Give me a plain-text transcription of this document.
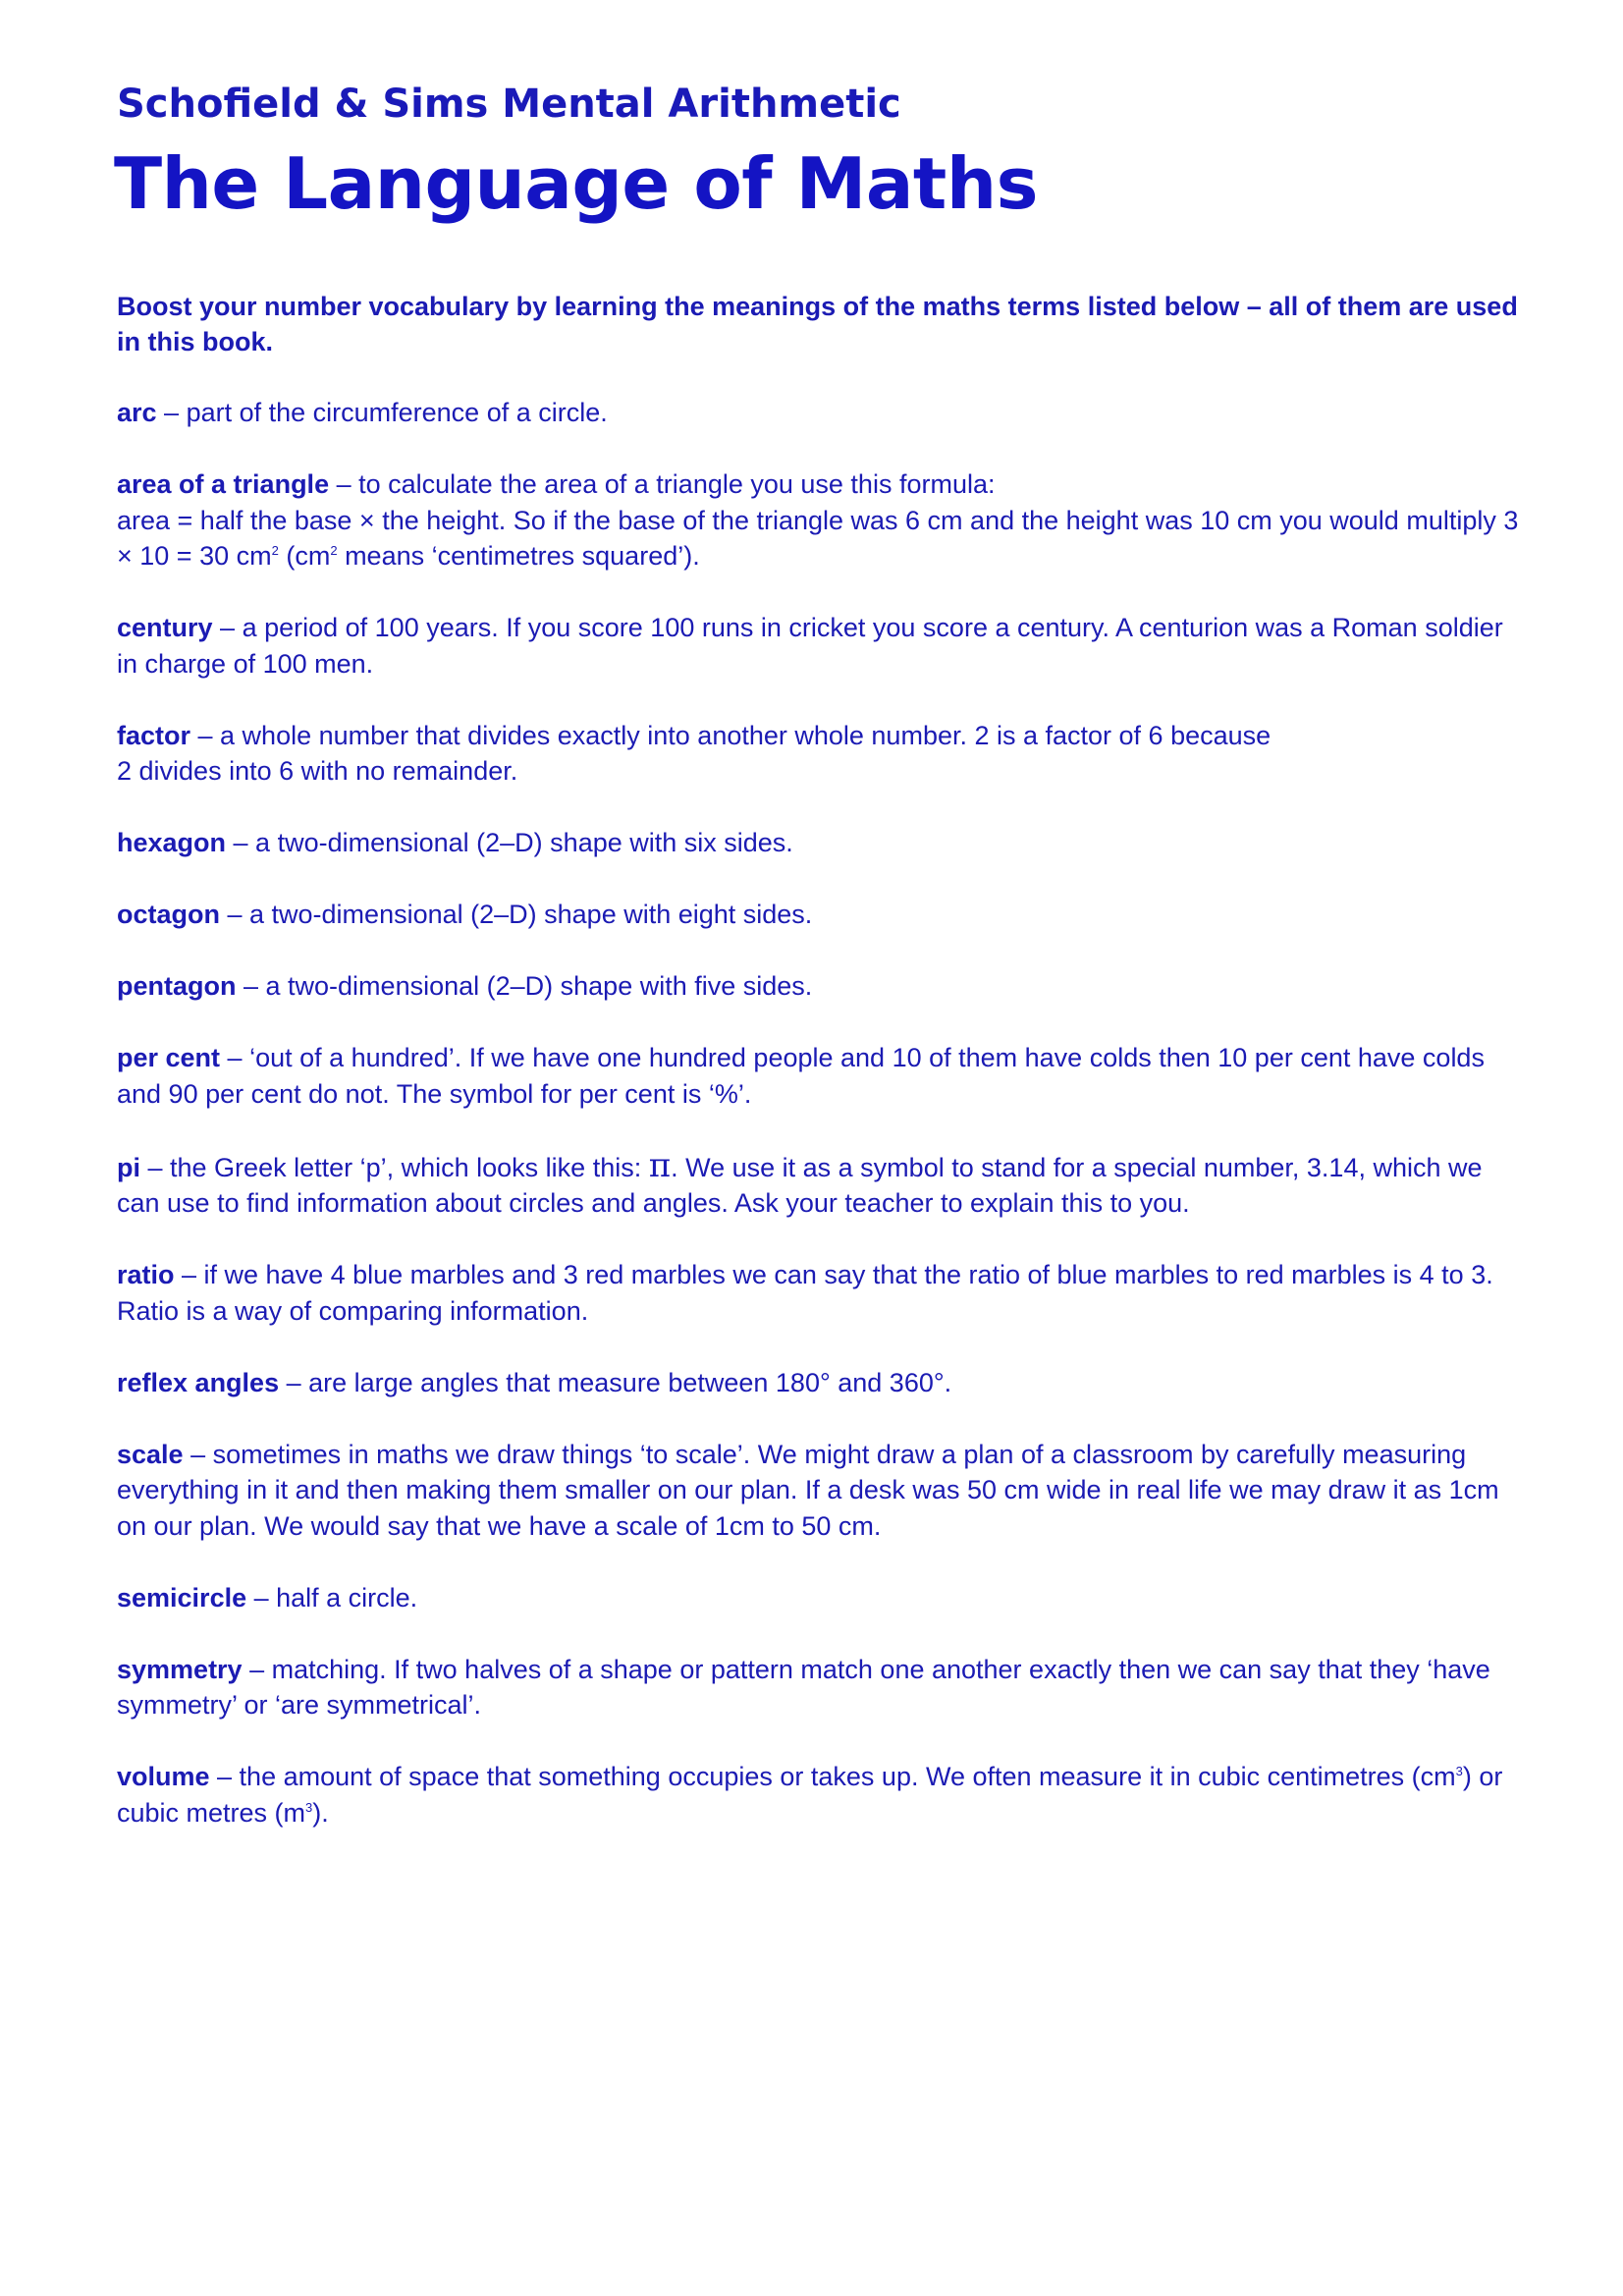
Schofield & Sims Mental Arithmetic
The Language of Maths

Boost your number vocabulary by learning the meanings of the maths terms listed below – all of them are used in this book.

arc – part of the circumference of a circle.

area of a triangle – to calculate the area of a triangle you use this formula:
area = half the base × the height. So if the base of the triangle was 6 cm and the height was 10 cm you would multiply 3 × 10 = 30 $cm^2$ ($cm^2$ means ‘centimetres squared’).

century – a period of 100 years. If you score 100 runs in cricket you score a century. A centurion was a Roman soldier in charge of 100 men.

factor – a whole number that divides exactly into another whole number. 2 is a factor of 6 because
2 divides into 6 with no remainder.

hexagon – a two-dimensional (2–D) shape with six sides.

octagon – a two-dimensional (2–D) shape with eight sides.

pentagon – a two-dimensional (2–D) shape with five sides.

per cent – ‘out of a hundred’. If we have one hundred people and 10 of them have colds then 10 per cent have colds and 90 per cent do not. The symbol for per cent is ‘%’.

pi – the Greek letter ‘p’, which looks like this: π. We use it as a symbol to stand for a special number, 3.14, which we can use to find information about circles and angles. Ask your teacher to explain this to you.

ratio – if we have 4 blue marbles and 3 red marbles we can say that the ratio of blue marbles to red marbles is 4 to 3. Ratio is a way of comparing information.

reflex angles – are large angles that measure between 180° and 360°.

scale – sometimes in maths we draw things ‘to scale’. We might draw a plan of a classroom by carefully measuring everything in it and then making them smaller on our plan. If a desk was 50 cm wide in real life we may draw it as 1cm on our plan. We would say that we have a scale of 1cm to 50 cm.

semicircle – half a circle.

symmetry – matching. If two halves of a shape or pattern match one another exactly then we can say that they ‘have symmetry’ or ‘are symmetrical’.

volume – the amount of space that something occupies or takes up. We often measure it in cubic centimetres $(cm^3)$ or cubic metres $(m^3)$.
